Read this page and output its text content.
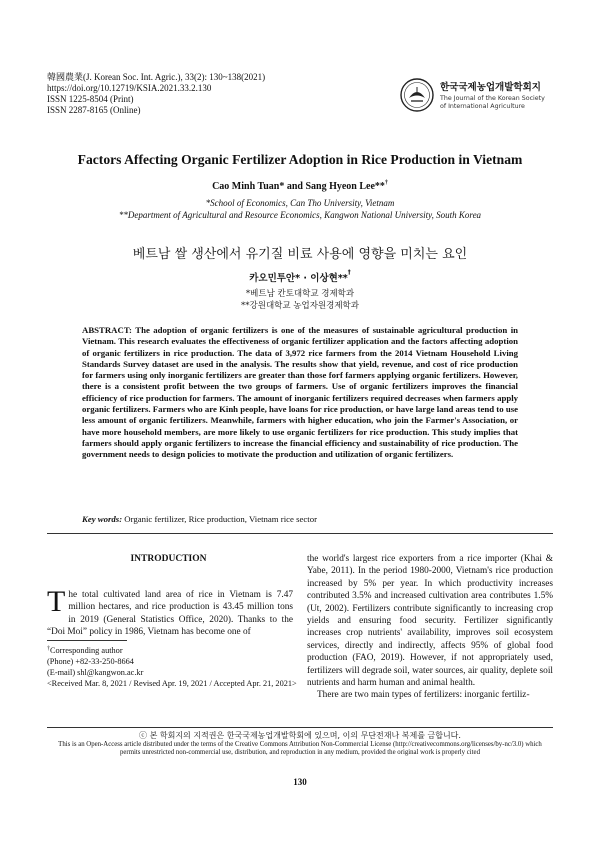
韓國農業(J. Korean Soc. Int. Agric.), 33(2): 130~138(2021)
https://doi.org/10.12719/KSIA.2021.33.2.130
ISSN 1225-8504 (Print)
ISSN 2287-8165 (Online)
한국국제농업개발학회지
The Journal of the Korean Society
of International Agriculture
Factors Affecting Organic Fertilizer Adoption in Rice Production in Vietnam
Cao Minh Tuan* and Sang Hyeon Lee**†
*School of Economics, Can Tho University, Vietnam
**Department of Agricultural and Resource Economics, Kangwon National University, South Korea
베트남 쌀 생산에서 유기질 비료 사용에 영향을 미치는 요인
카오민투안* · 이상현**†
*베트남 칸토대학교 경제학과
**강원대학교 농업자원경제학과
ABSTRACT: The adoption of organic fertilizers is one of the measures of sustainable agricultural production in Vietnam. This research evaluates the effectiveness of organic fertilizer application and the factors affecting adoption of organic fertilizers in rice production. The data of 3,972 rice farmers from the 2014 Vietnam Household Living Standards Survey dataset are used in the analysis. The results show that yield, revenue, and cost of rice production for farmers using only inorganic fertilizers are greater than those forf farmers applying organic fertilizers. However, there is a consistent profit between the two groups of farmers. Use of organic fertilizers improves the financial efficiency of rice production for farmers. The amount of inorganic fertilizers required decreases when farmers apply organic fertilizers. Farmers who are Kinh people, have loans for rice production, or have large land areas tend to use less amount of organic fertilizers. Meanwhile, farmers with higher education, who join the Farmer's Association, or have more household members, are more likely to use organic fertilizers for rice production. This study implies that farmers should apply organic fertilizers to increase the financial efficiency and sustainability of rice production. The government needs to design policies to motivate the production and utilization of organic fertilizers.
Key words: Organic fertilizer, Rice production, Vietnam rice sector
INTRODUCTION
The total cultivated land area of rice in Vietnam is 7.47 million hectares, and rice production is 43.45 million tons in 2019 (General Statistics Office, 2020). Thanks to the “Doi Moi” policy in 1986, Vietnam has become one of
the world's largest rice exporters from a rice importer (Khai & Yabe, 2011). In the period 1980-2000, Vietnam's rice production increased by 5% per year. In which productivity increases contributed 3.5% and increased cultivation area contributes 1.5% (Ut, 2002). Fertilizers contribute significantly to increasing crop yields and ensuring food security. Fertilizer significantly increases crop nutrients' availability, improves soil ecosystem services, directly and indirectly, affects 95% of global food production (FAO, 2019). However, if not appropriately used, fertilizers will degrade soil, water sources, air quality, deplete soil nutrients and harm human and animal health.
There are two main types of fertilizers: inorganic fertiliz-
†Corresponding author
(Phone) +82-33-250-8664
(E-mail) shl@kangwon.ac.kr
<Received Mar. 8, 2021 / Revised Apr. 19, 2021 / Accepted Apr. 21, 2021>
ⓒ 본 학회지의 지적권은 한국국제농업개발학회에 있으며, 이의 무단전재나 복제를 금합니다.
This is an Open-Access article distributed under the terms of the Creative Commons Attribution Non-Commercial License (http://creativecommons.org/licenses/by-nc/3.0) which
permits unrestricted non-commercial use, distribution, and reproduction in any medium, provided the original work is properly cited
130
